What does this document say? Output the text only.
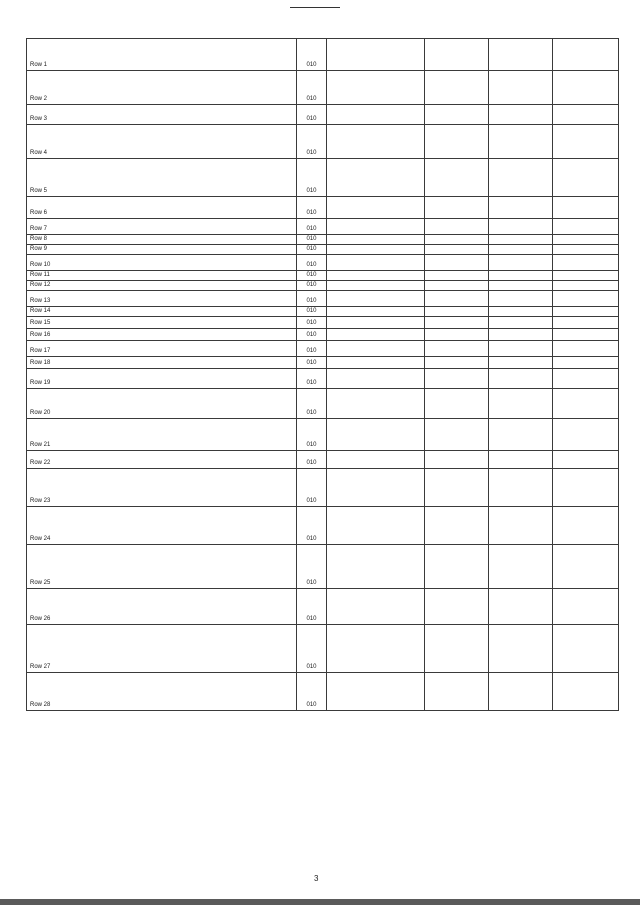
Row 1	010				
Row 2	010				
Row 3	010				
Row 4	010				
Row 5	010				
Row 6	010				
Row 7	010				
Row 8	010				
Row 9	010				
Row 10	010				
Row 11	010				
Row 12	010				
Row 13	010				
Row 14	010				
Row 15	010				
Row 16	010				
Row 17	010				
Row 18	010				
Row 19	010				
Row 20	010				
Row 21	010				
Row 22	010				
Row 23	010				
Row 24	010				
Row 25	010				
Row 26	010				
Row 27	010				
Row 28	010				
3
